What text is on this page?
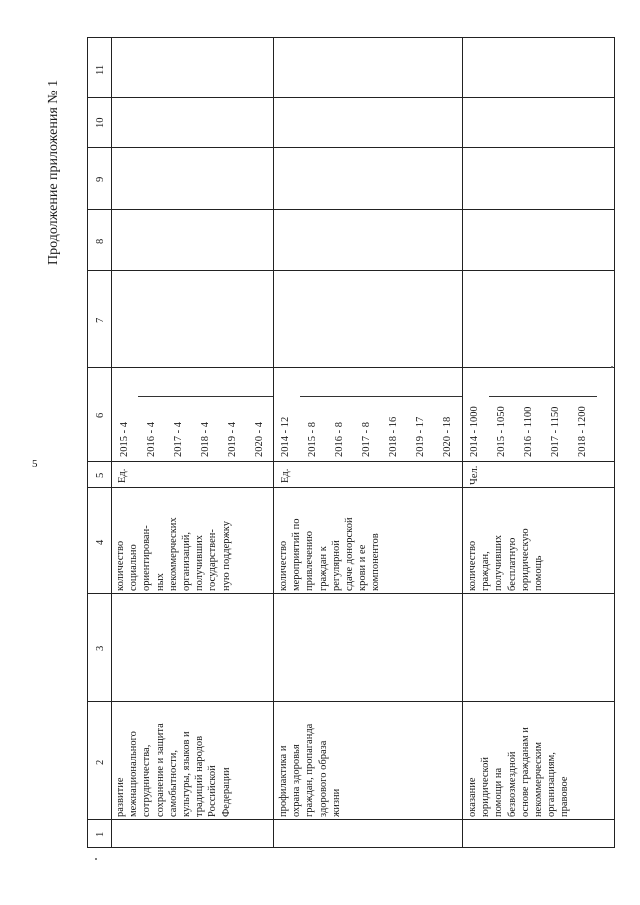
5
Продолжение приложения № 1
1
2
3
4
5
6
7
8
9
10
11
развитие межнационального сотрудничества, сохранение и защита самобытности, культуры, языков и традиций народов Российской Федерации
количество социально ориентирован- ных некоммерческих организаций, получивших государствен- ную поддержку
Ед.
2015 - 4 2016 - 4 2017 - 4 2018 - 4 2019 - 4 2020 - 4
профилактика и охрана здоровья граждан, пропаганда здорового образа жизни
количество мероприятий по привлечению граждан к регулярной сдаче донорской крови и ее компонентов
Ед.
2014 - 12 2015 - 8 2016 - 8 2017 - 8 2018 - 16 2019 - 17 2020 - 18
оказание юридической помощи на безвозмездной основе гражданам и некоммерческим организациям, правовое
количество граждан, получивших бесплатную юридическую помощь
Чел.
2014 - 1000 2015 - 1050 2016 - 1100 2017 - 1150 2018 - 1200
